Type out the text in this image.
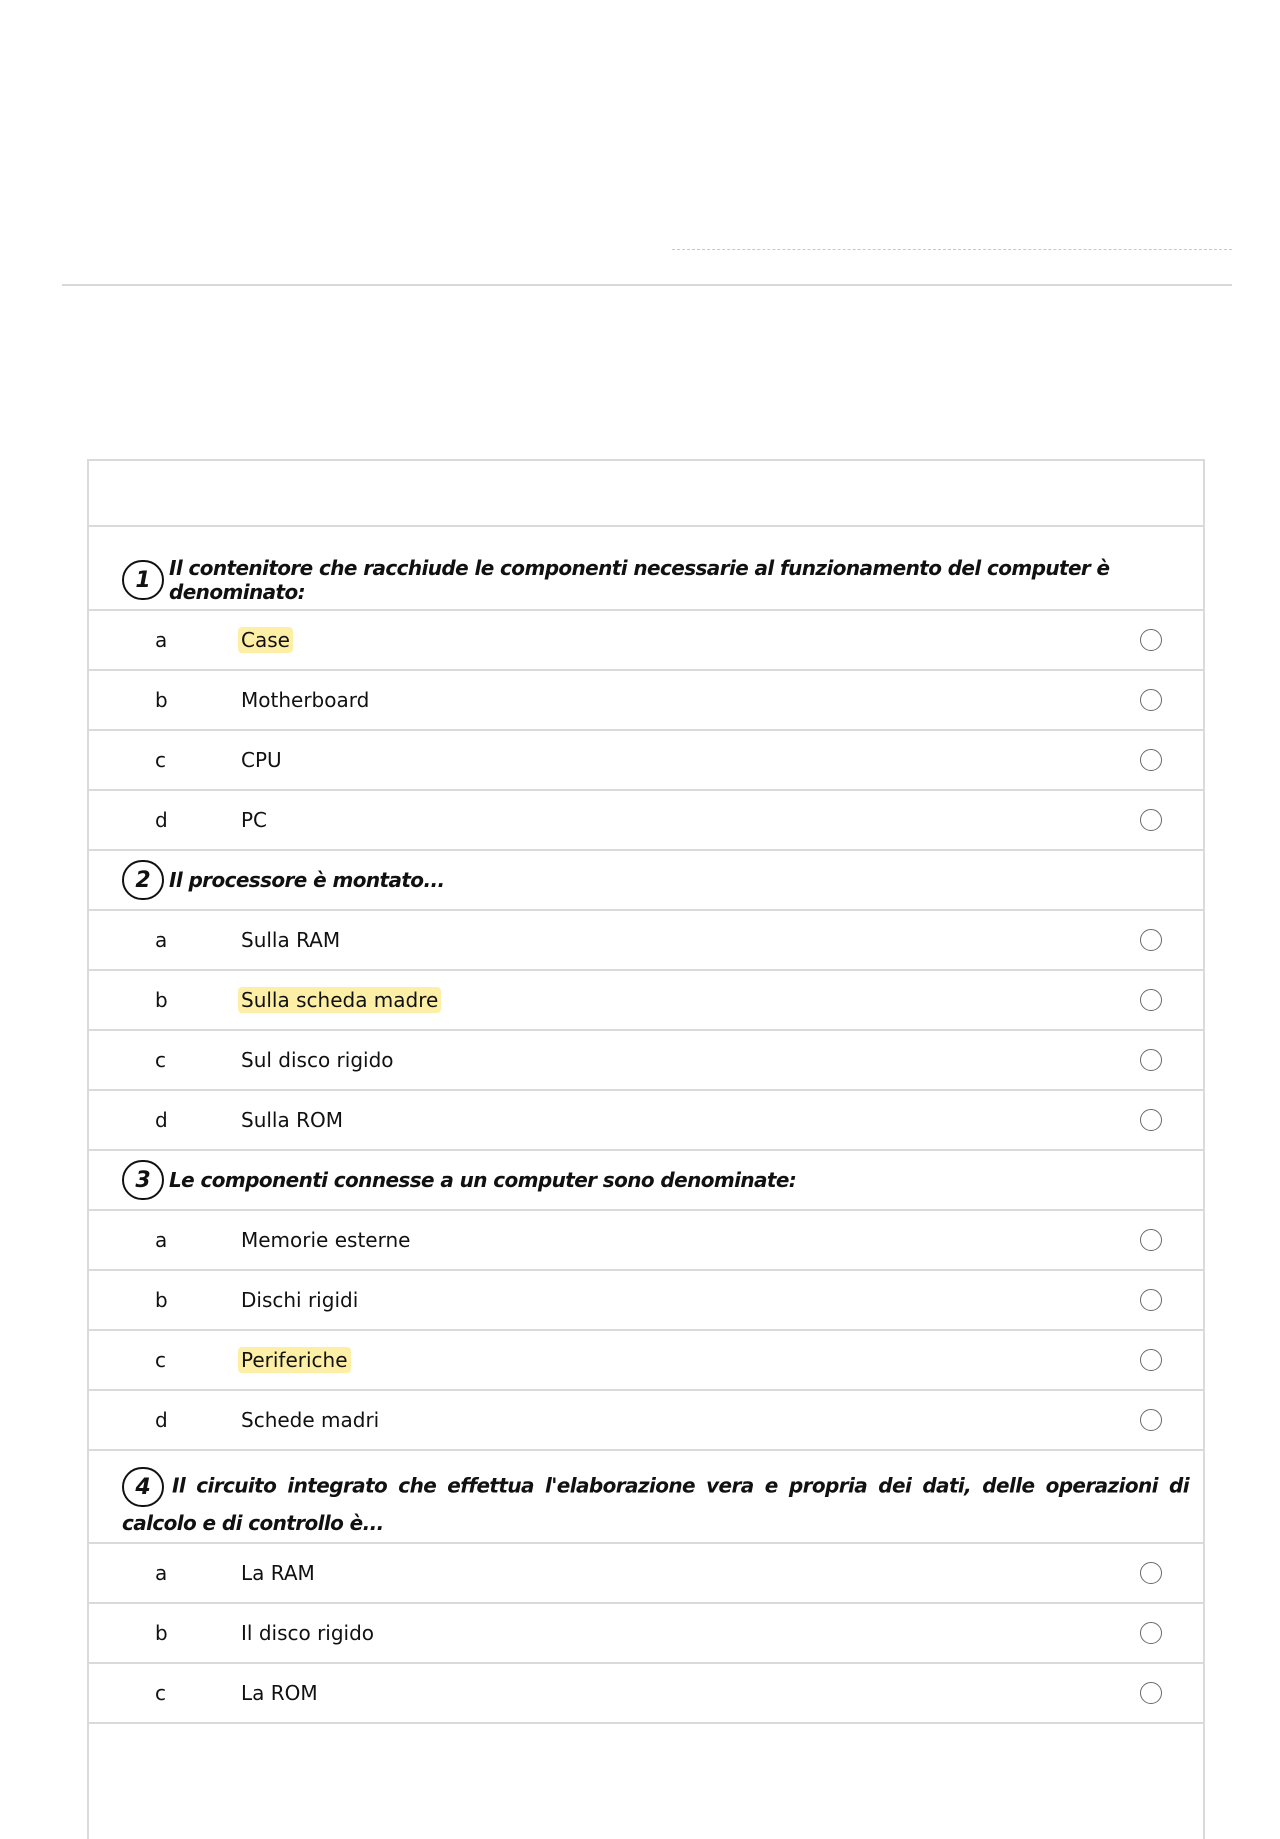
1 Il contenitore che racchiude le componenti necessarie al funzionamento del computer è denominato:
a	Case
b	Motherboard
c	CPU
d	PC
2 Il processore è montato...
a	Sulla RAM
b	Sulla scheda madre
c	Sul disco rigido
d	Sulla ROM
3 Le componenti connesse a un computer sono denominate:
a	Memorie esterne
b	Dischi rigidi
c	Periferiche
d	Schede madri
4 Il circuito integrato che effettua l'elaborazione vera e propria dei dati, delle operazioni di calcolo e di controllo è...
a	La RAM
b	Il disco rigido
c	La ROM
